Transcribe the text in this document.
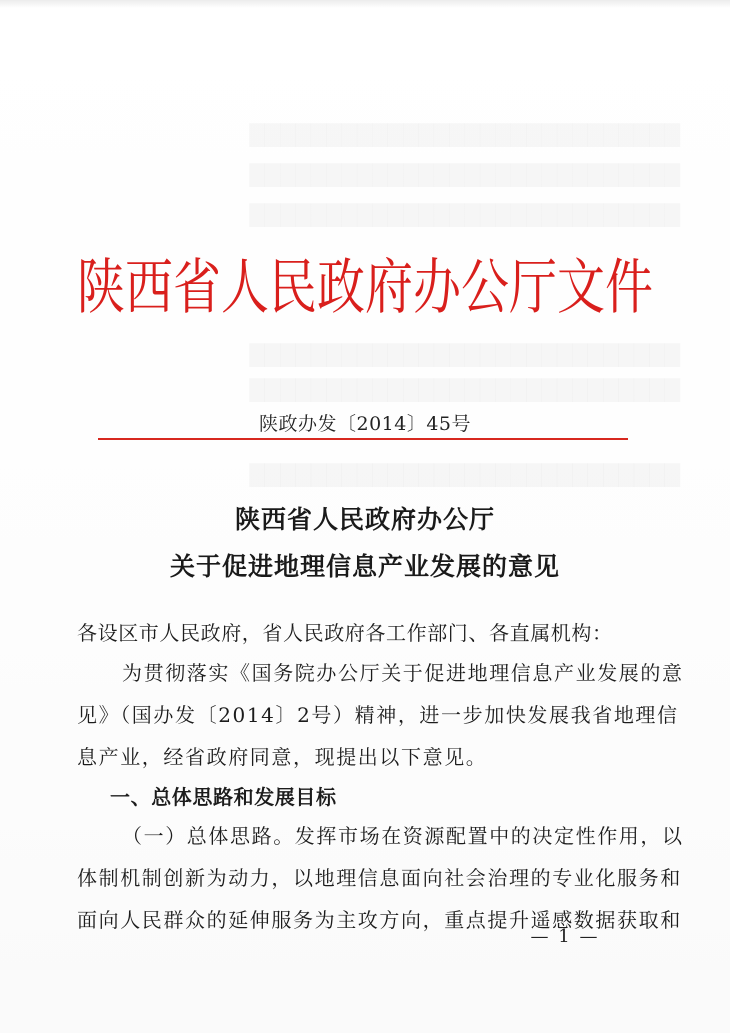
████████████████████████████
████████████████████████████
████████████████████████████
████████████████████████████
████████████████████████████
████████████████████████████
陕西省人民政府办公厅文件
陕政办发〔2014〕45号
陕西省人民政府办公厅
关于促进地理信息产业发展的意见
各设区市人民政府，省人民政府各工作部门、各直属机构：
为贯彻落实《国务院办公厅关于促进地理信息产业发展的意
见》（国办发〔2014〕2号）精神，进一步加快发展我省地理信
息产业，经省政府同意，现提出以下意见。
一、总体思路和发展目标
（一）总体思路。发挥市场在资源配置中的决定性作用，以
体制机制创新为动力，以地理信息面向社会治理的专业化服务和
面向人民群众的延伸服务为主攻方向，重点提升遥感数据获取和
— 1 —
